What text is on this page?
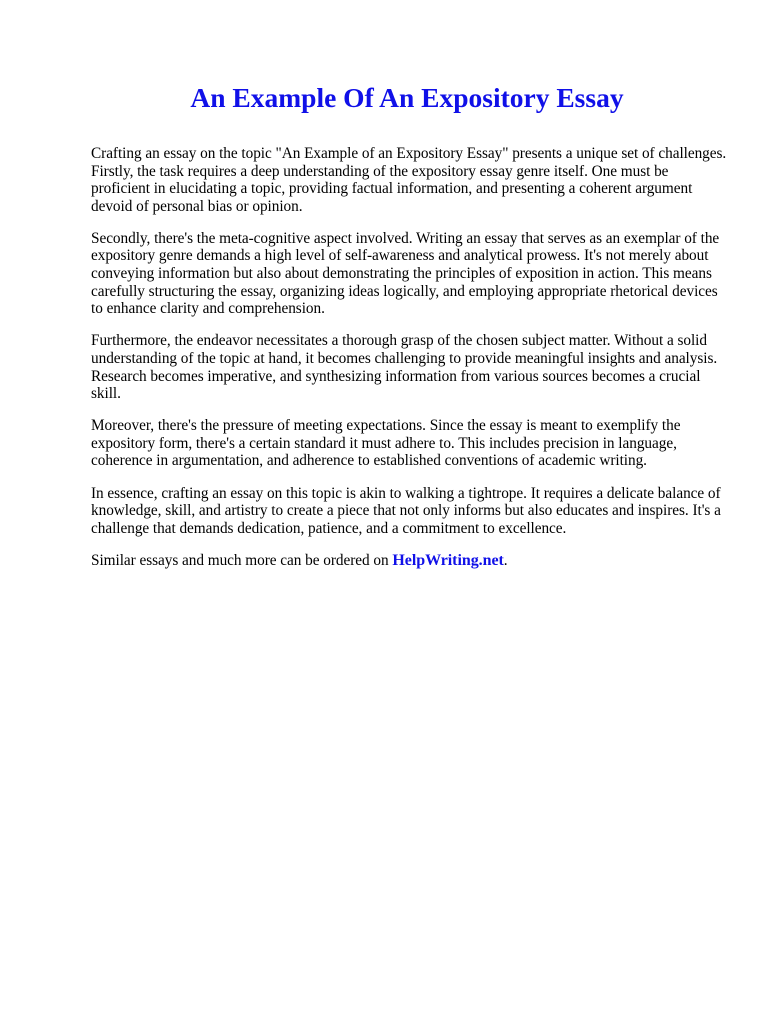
An Example Of An Expository Essay

Crafting an essay on the topic "An Example of an Expository Essay" presents a unique set of challenges. Firstly, the task requires a deep understanding of the expository essay genre itself. One must be proficient in elucidating a topic, providing factual information, and presenting a coherent argument devoid of personal bias or opinion.

Secondly, there's the meta-cognitive aspect involved. Writing an essay that serves as an exemplar of the expository genre demands a high level of self-awareness and analytical prowess. It's not merely about conveying information but also about demonstrating the principles of exposition in action. This means carefully structuring the essay, organizing ideas logically, and employing appropriate rhetorical devices to enhance clarity and comprehension.

Furthermore, the endeavor necessitates a thorough grasp of the chosen subject matter. Without a solid understanding of the topic at hand, it becomes challenging to provide meaningful insights and analysis. Research becomes imperative, and synthesizing information from various sources becomes a crucial skill.

Moreover, there's the pressure of meeting expectations. Since the essay is meant to exemplify the expository form, there's a certain standard it must adhere to. This includes precision in language, coherence in argumentation, and adherence to established conventions of academic writing.

In essence, crafting an essay on this topic is akin to walking a tightrope. It requires a delicate balance of knowledge, skill, and artistry to create a piece that not only informs but also educates and inspires. It's a challenge that demands dedication, patience, and a commitment to excellence.

Similar essays and much more can be ordered on HelpWriting.net.
